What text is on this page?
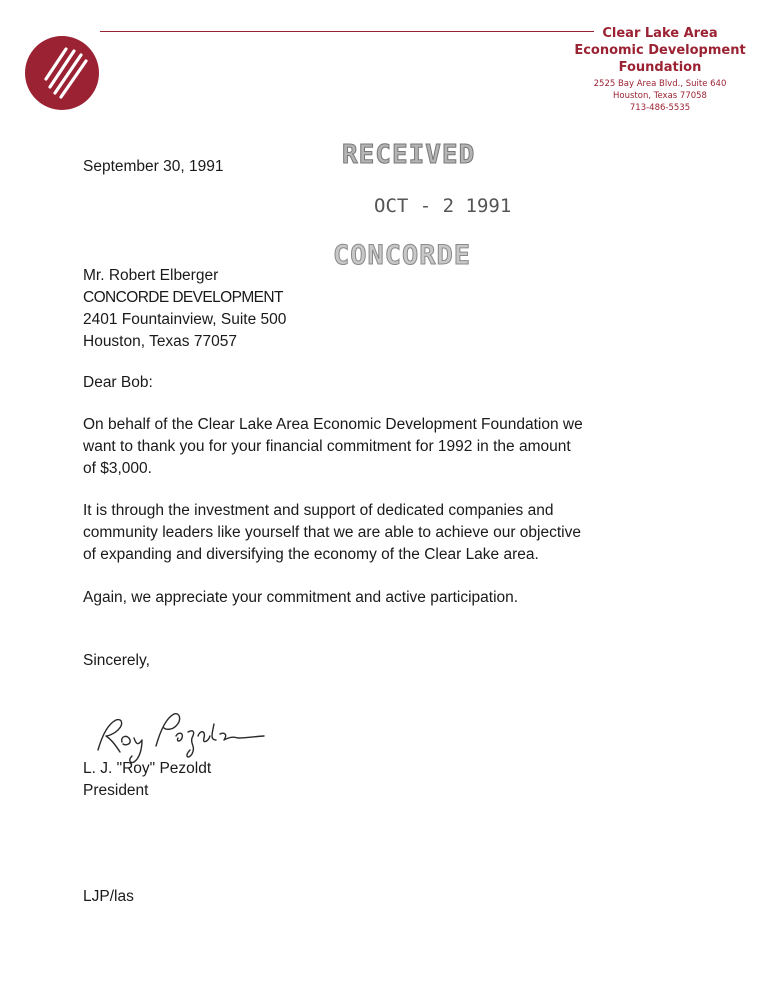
Clear Lake Area
Economic Development
Foundation
2525 Bay Area Blvd., Suite 640
Houston, Texas 77058
713-486-5535
RECEIVED
OCT - 2 1991
CONCORDE
September 30, 1991
Mr. Robert Elberger
CONCORDE DEVELOPMENT
2401 Fountainview, Suite 500
Houston, Texas 77057
Dear Bob:
On behalf of the Clear Lake Area Economic Development Foundation we
want to thank you for your financial commitment for 1992 in the amount
of $3,000.
It is through the investment and support of dedicated companies and
community leaders like yourself that we are able to achieve our objective
of expanding and diversifying the economy of the Clear Lake area.
Again, we appreciate your commitment and active participation.
Sincerely,
L. J. "Roy" Pezoldt
President
LJP/las
